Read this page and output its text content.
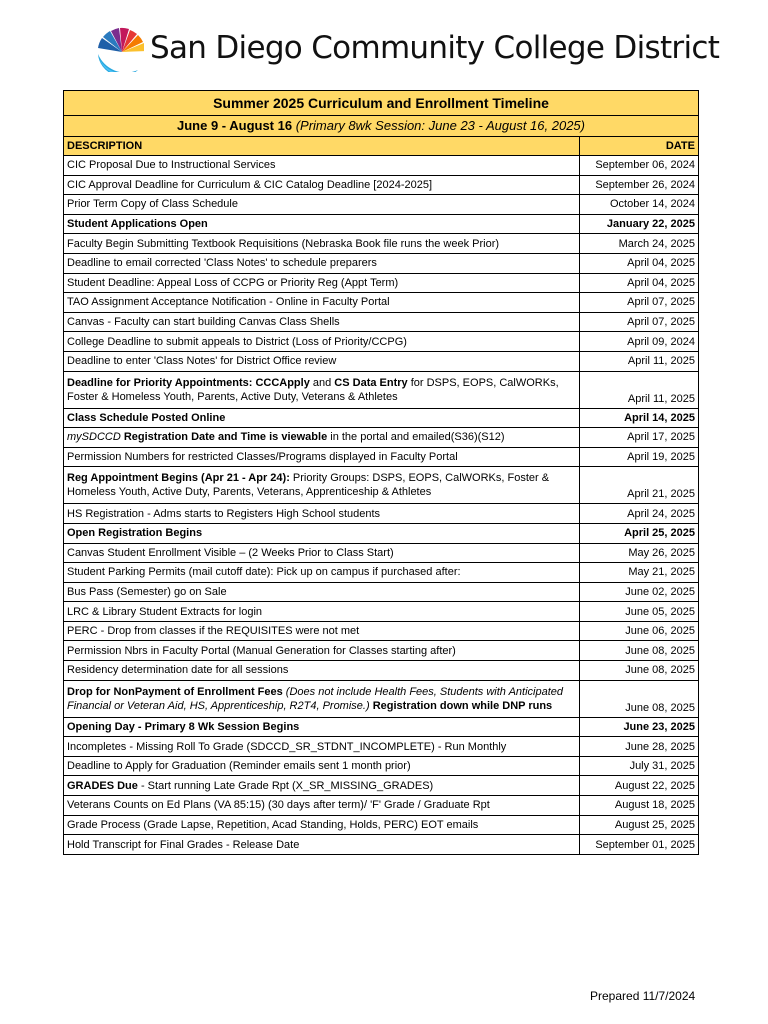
San Diego Community College District
Summer 2025 Curriculum and Enrollment Timeline	
June 9 - August 16 (Primary 8wk Session: June 23 - August 16, 2025)	
DESCRIPTION	DATE
CIC Proposal Due to Instructional Services	September 06, 2024
CIC Approval Deadline for Curriculum & CIC Catalog Deadline [2024-2025]	September 26, 2024
Prior Term Copy of Class Schedule	October 14, 2024
Student Applications Open	January 22, 2025
Faculty Begin Submitting Textbook Requisitions (Nebraska Book file runs the week Prior)	March 24, 2025
Deadline to email corrected 'Class Notes' to schedule preparers	April 04, 2025
Student Deadline: Appeal Loss of CCPG or Priority Reg (Appt Term)	April 04, 2025
TAO Assignment Acceptance Notification - Online in Faculty Portal	April 07, 2025
Canvas - Faculty can start building Canvas Class Shells	April 07, 2025
College Deadline to submit appeals to District (Loss of Priority/CCPG)	April 09, 2024
Deadline to enter 'Class Notes' for District Office review	April 11, 2025
Deadline for Priority Appointments: CCCApply and CS Data Entry for DSPS, EOPS, CalWORKs, Foster & Homeless Youth, Parents, Active Duty, Veterans & Athletes	April 11, 2025
Class Schedule Posted Online	April 14, 2025
mySDCCD Registration Date and Time is viewable in the portal and emailed(S36)(S12)	April 17, 2025
Permission Numbers for restricted Classes/Programs displayed in Faculty Portal	April 19, 2025
Reg Appointment Begins (Apr 21 - Apr 24): Priority Groups: DSPS, EOPS, CalWORKs, Foster & Homeless Youth, Active Duty, Parents, Veterans, Apprenticeship & Athletes	April 21, 2025
HS Registration - Adms starts to Registers High School students	April 24, 2025
Open Registration Begins	April 25, 2025
Canvas Student Enrollment Visible – (2 Weeks Prior to Class Start)	May 26, 2025
Student Parking Permits (mail cutoff date): Pick up on campus if purchased after:	May 21, 2025
Bus Pass (Semester) go on Sale	June 02, 2025
LRC & Library Student Extracts for login	June 05, 2025
PERC - Drop from classes if the REQUISITES were not met	June 06, 2025
Permission Nbrs in Faculty Portal (Manual Generation for Classes starting after)	June 08, 2025
Residency determination date for all sessions	June 08, 2025
Drop for NonPayment of Enrollment Fees (Does not include Health Fees, Students with Anticipated Financial or Veteran Aid, HS, Apprenticeship, R2T4, Promise.) Registration down while DNP runs	June 08, 2025
Opening Day - Primary 8 Wk Session Begins	June 23, 2025
Incompletes - Missing Roll To Grade (SDCCD_SR_STDNT_INCOMPLETE) - Run Monthly	June 28, 2025
Deadline to Apply for Graduation (Reminder emails sent 1 month prior)	July 31, 2025
GRADES Due - Start running Late Grade Rpt (X_SR_MISSING_GRADES)	August 22, 2025
Veterans Counts on Ed Plans (VA 85:15) (30 days after term)/ 'F' Grade / Graduate Rpt	August 18, 2025
Grade Process (Grade Lapse, Repetition, Acad Standing, Holds, PERC) EOT emails	August 25, 2025
Hold Transcript for Final Grades - Release Date	September 01, 2025
Prepared 11/7/2024
